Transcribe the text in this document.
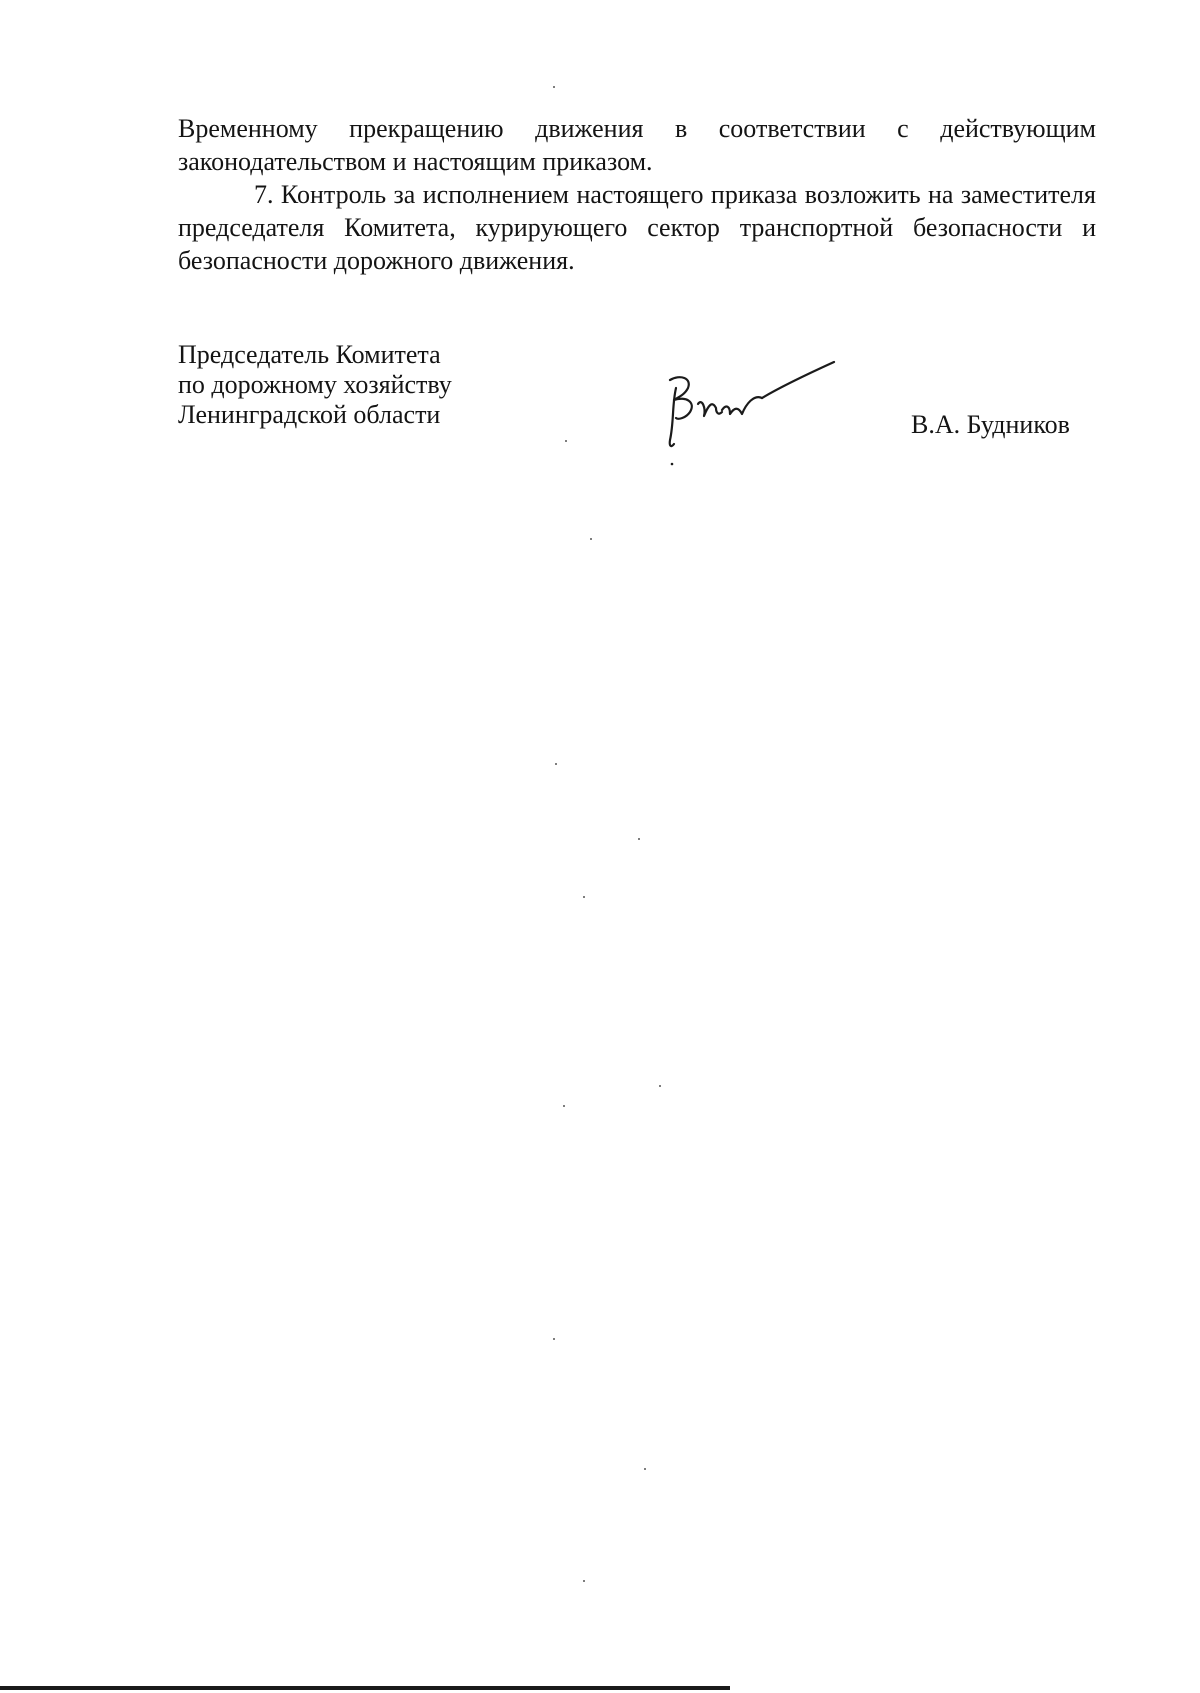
Временному прекращению движения в соответствии с действующим законодательством и настоящим приказом.

7. Контроль за исполнением настоящего приказа возложить на заместителя председателя Комитета, курирующего сектор транспортной безопасности и безопасности дорожного движения.

Председатель Комитета
по дорожному хозяйству
Ленинградской области	В.А. Будников
